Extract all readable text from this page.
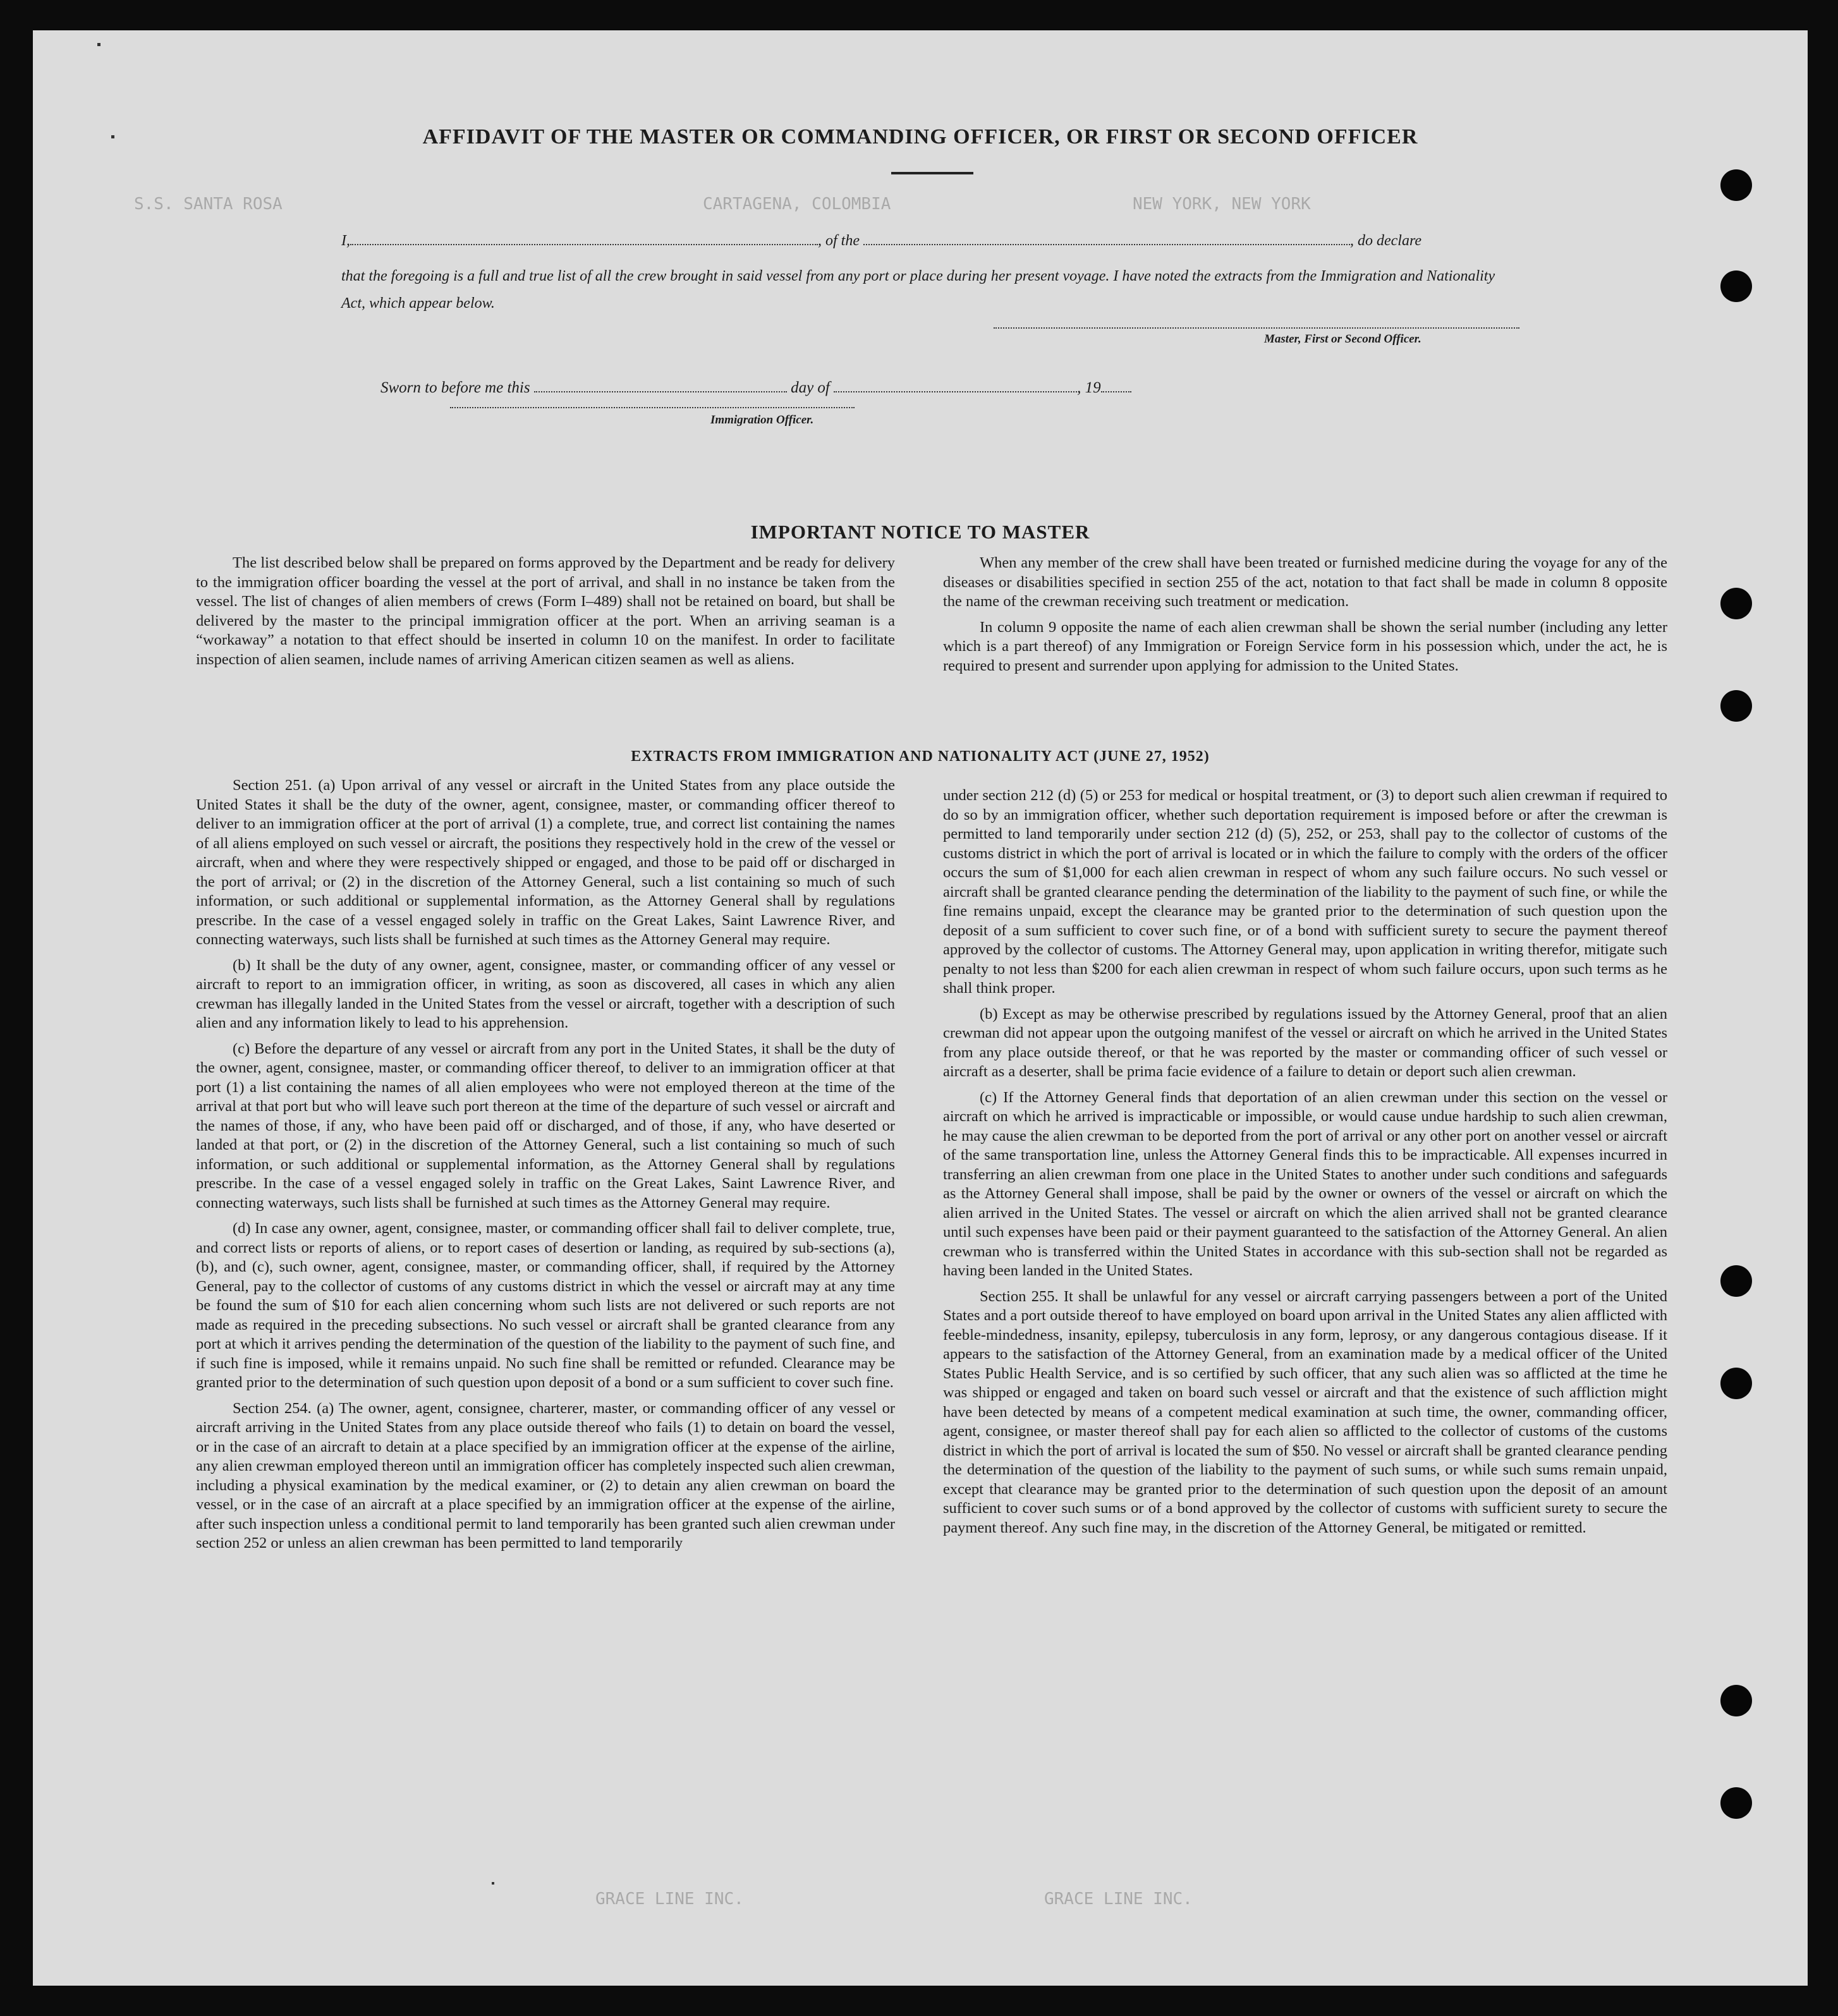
S.S. SANTA ROSA	CARTAGENA, COLOMBIA	NEW YORK, NEW YORK
GRACE LINE INC.	GRACE LINE INC.
AFFIDAVIT OF THE MASTER OR COMMANDING OFFICER, OR FIRST OR SECOND OFFICER
I,	, of the	, do declare
that the foregoing is a full and true list of all the crew brought in said vessel from any port or place during her present voyage. I have noted the extracts from the Immigration and Nationality Act, which appear below.
Master, First or Second Officer.
Sworn to before me this	day of	, 19
Immigration Officer.
IMPORTANT NOTICE TO MASTER

The list described below shall be prepared on forms approved by the Department and be ready for delivery to the immigration officer boarding the vessel at the port of arrival, and shall in no instance be taken from the vessel. The list of changes of alien members of crews (Form I–489) shall not be retained on board, but shall be delivered by the master to the principal immigration officer at the port. When an arriving seaman is a “workaway” a notation to that effect should be inserted in column 10 on the manifest. In order to facilitate inspection of alien seamen, include names of arriving American citizen seamen as well as aliens.

When any member of the crew shall have been treated or furnished medicine during the voyage for any of the diseases or disabilities specified in section 255 of the act, notation to that fact shall be made in column 8 opposite the name of the crewman receiving such treatment or medication.

In column 9 opposite the name of each alien crewman shall be shown the serial number (including any letter which is a part thereof) of any Immigration or Foreign Service form in his possession which, under the act, he is required to present and surrender upon applying for admission to the United States.

EXTRACTS FROM IMMIGRATION AND NATIONALITY ACT (JUNE 27, 1952)

Section 251. (a) Upon arrival of any vessel or aircraft in the United States from any place outside the United States it shall be the duty of the owner, agent, consignee, master, or commanding officer thereof to deliver to an immigration officer at the port of arrival (1) a complete, true, and correct list containing the names of all aliens employed on such vessel or aircraft, the positions they respectively hold in the crew of the vessel or aircraft, when and where they were respectively shipped or engaged, and those to be paid off or discharged in the port of arrival; or (2) in the discretion of the Attorney General, such a list containing so much of such information, or such additional or supplemental information, as the Attorney General shall by regulations prescribe. In the case of a vessel engaged solely in traffic on the Great Lakes, Saint Lawrence River, and connecting waterways, such lists shall be furnished at such times as the Attorney General may require.

(b) It shall be the duty of any owner, agent, consignee, master, or commanding officer of any vessel or aircraft to report to an immigration officer, in writing, as soon as discovered, all cases in which any alien crewman has illegally landed in the United States from the vessel or aircraft, together with a description of such alien and any information likely to lead to his apprehension.

(c) Before the departure of any vessel or aircraft from any port in the United States, it shall be the duty of the owner, agent, consignee, master, or commanding officer thereof, to deliver to an immigration officer at that port (1) a list containing the names of all alien employees who were not employed thereon at the time of the arrival at that port but who will leave such port thereon at the time of the departure of such vessel or aircraft and the names of those, if any, who have been paid off or discharged, and of those, if any, who have deserted or landed at that port, or (2) in the discretion of the Attorney General, such a list containing so much of such information, or such additional or supplemental information, as the Attorney General shall by regulations prescribe. In the case of a vessel engaged solely in traffic on the Great Lakes, Saint Lawrence River, and connecting waterways, such lists shall be furnished at such times as the Attorney General may require.

(d) In case any owner, agent, consignee, master, or commanding officer shall fail to deliver complete, true, and correct lists or reports of aliens, or to report cases of desertion or landing, as required by sub-sections (a), (b), and (c), such owner, agent, consignee, master, or commanding officer, shall, if required by the Attorney General, pay to the collector of customs of any customs district in which the vessel or aircraft may at any time be found the sum of $10 for each alien concerning whom such lists are not delivered or such reports are not made as required in the preceding subsections. No such vessel or aircraft shall be granted clearance from any port at which it arrives pending the determination of the question of the liability to the payment of such fine, and if such fine is imposed, while it remains unpaid. No such fine shall be remitted or refunded. Clearance may be granted prior to the determination of such question upon deposit of a bond or a sum sufficient to cover such fine.

Section 254. (a) The owner, agent, consignee, charterer, master, or commanding officer of any vessel or aircraft arriving in the United States from any place outside thereof who fails (1) to detain on board the vessel, or in the case of an aircraft to detain at a place specified by an immigration officer at the expense of the airline, any alien crewman employed thereon until an immigration officer has completely inspected such alien crewman, including a physical examination by the medical examiner, or (2) to detain any alien crewman on board the vessel, or in the case of an aircraft at a place specified by an immigration officer at the expense of the airline, after such inspection unless a conditional permit to land temporarily has been granted such alien crewman under section 252 or unless an alien crewman has been permitted to land temporarily

under section 212 (d) (5) or 253 for medical or hospital treatment, or (3) to deport such alien crewman if required to do so by an immigration officer, whether such deportation requirement is imposed before or after the crewman is permitted to land temporarily under section 212 (d) (5), 252, or 253, shall pay to the collector of customs of the customs district in which the port of arrival is located or in which the failure to comply with the orders of the officer occurs the sum of $1,000 for each alien crewman in respect of whom any such failure occurs. No such vessel or aircraft shall be granted clearance pending the determination of the liability to the payment of such fine, or while the fine remains unpaid, except the clearance may be granted prior to the determination of such question upon the deposit of a sum sufficient to cover such fine, or of a bond with sufficient surety to secure the payment thereof approved by the collector of customs. The Attorney General may, upon application in writing therefor, mitigate such penalty to not less than $200 for each alien crewman in respect of whom such failure occurs, upon such terms as he shall think proper.

(b) Except as may be otherwise prescribed by regulations issued by the Attorney General, proof that an alien crewman did not appear upon the outgoing manifest of the vessel or aircraft on which he arrived in the United States from any place outside thereof, or that he was reported by the master or commanding officer of such vessel or aircraft as a deserter, shall be prima facie evidence of a failure to detain or deport such alien crewman.

(c) If the Attorney General finds that deportation of an alien crewman under this section on the vessel or aircraft on which he arrived is impracticable or impossible, or would cause undue hardship to such alien crewman, he may cause the alien crewman to be deported from the port of arrival or any other port on another vessel or aircraft of the same transportation line, unless the Attorney General finds this to be impracticable. All expenses incurred in transferring an alien crewman from one place in the United States to another under such conditions and safeguards as the Attorney General shall impose, shall be paid by the owner or owners of the vessel or aircraft on which the alien arrived in the United States. The vessel or aircraft on which the alien arrived shall not be granted clearance until such expenses have been paid or their payment guaranteed to the satisfaction of the Attorney General. An alien crewman who is transferred within the United States in accordance with this sub-section shall not be regarded as having been landed in the United States.

Section 255. It shall be unlawful for any vessel or aircraft carrying passengers between a port of the United States and a port outside thereof to have employed on board upon arrival in the United States any alien afflicted with feeble-mindedness, insanity, epilepsy, tuberculosis in any form, leprosy, or any dangerous contagious disease. If it appears to the satisfaction of the Attorney General, from an examination made by a medical officer of the United States Public Health Service, and is so certified by such officer, that any such alien was so afflicted at the time he was shipped or engaged and taken on board such vessel or aircraft and that the existence of such affliction might have been detected by means of a competent medical examination at such time, the owner, commanding officer, agent, consignee, or master thereof shall pay for each alien so afflicted to the collector of customs of the customs district in which the port of arrival is located the sum of $50. No vessel or aircraft shall be granted clearance pending the determination of the question of the liability to the payment of such sums, or while such sums remain unpaid, except that clearance may be granted prior to the determination of such question upon the deposit of an amount sufficient to cover such sums or of a bond approved by the collector of customs with sufficient surety to secure the payment thereof. Any such fine may, in the discretion of the Attorney General, be mitigated or remitted.
